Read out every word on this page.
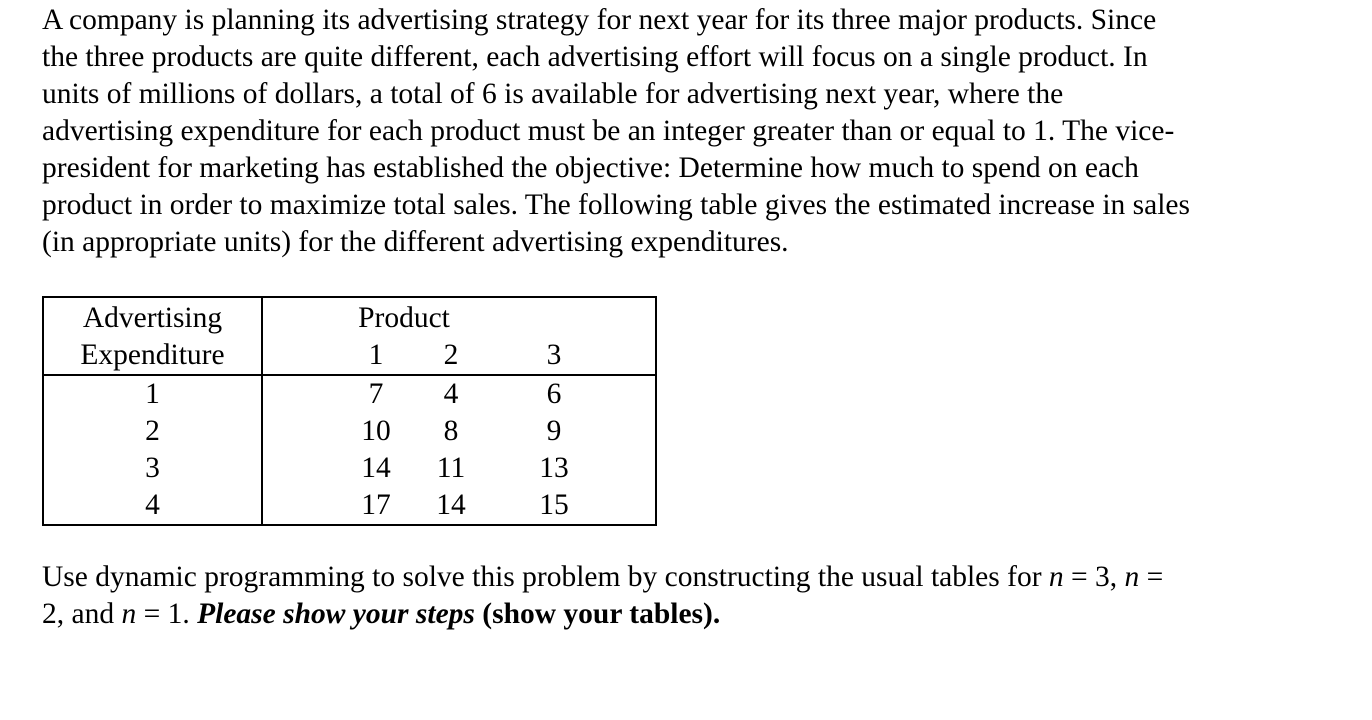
A company is planning its advertising strategy for next year for its three major products. Since
the three products are quite different, each advertising effort will focus on a single product. In
units of millions of dollars, a total of 6 is available for advertising next year, where the
advertising expenditure for each product must be an integer greater than or equal to 1. The vice-
president for marketing has established the objective: Determine how much to spend on each
product in order to maximize total sales. The following table gives the estimated increase in sales
(in appropriate units) for the different advertising expenditures.
Advertising	Product		
Expenditure	1	2	3
1	7	4	6
2	10	8	9
3	14	11	13
4	17	14	15
Use dynamic programming to solve this problem by constructing the usual tables for n = 3, n =
2, and n = 1. Please show your steps (show your tables).
